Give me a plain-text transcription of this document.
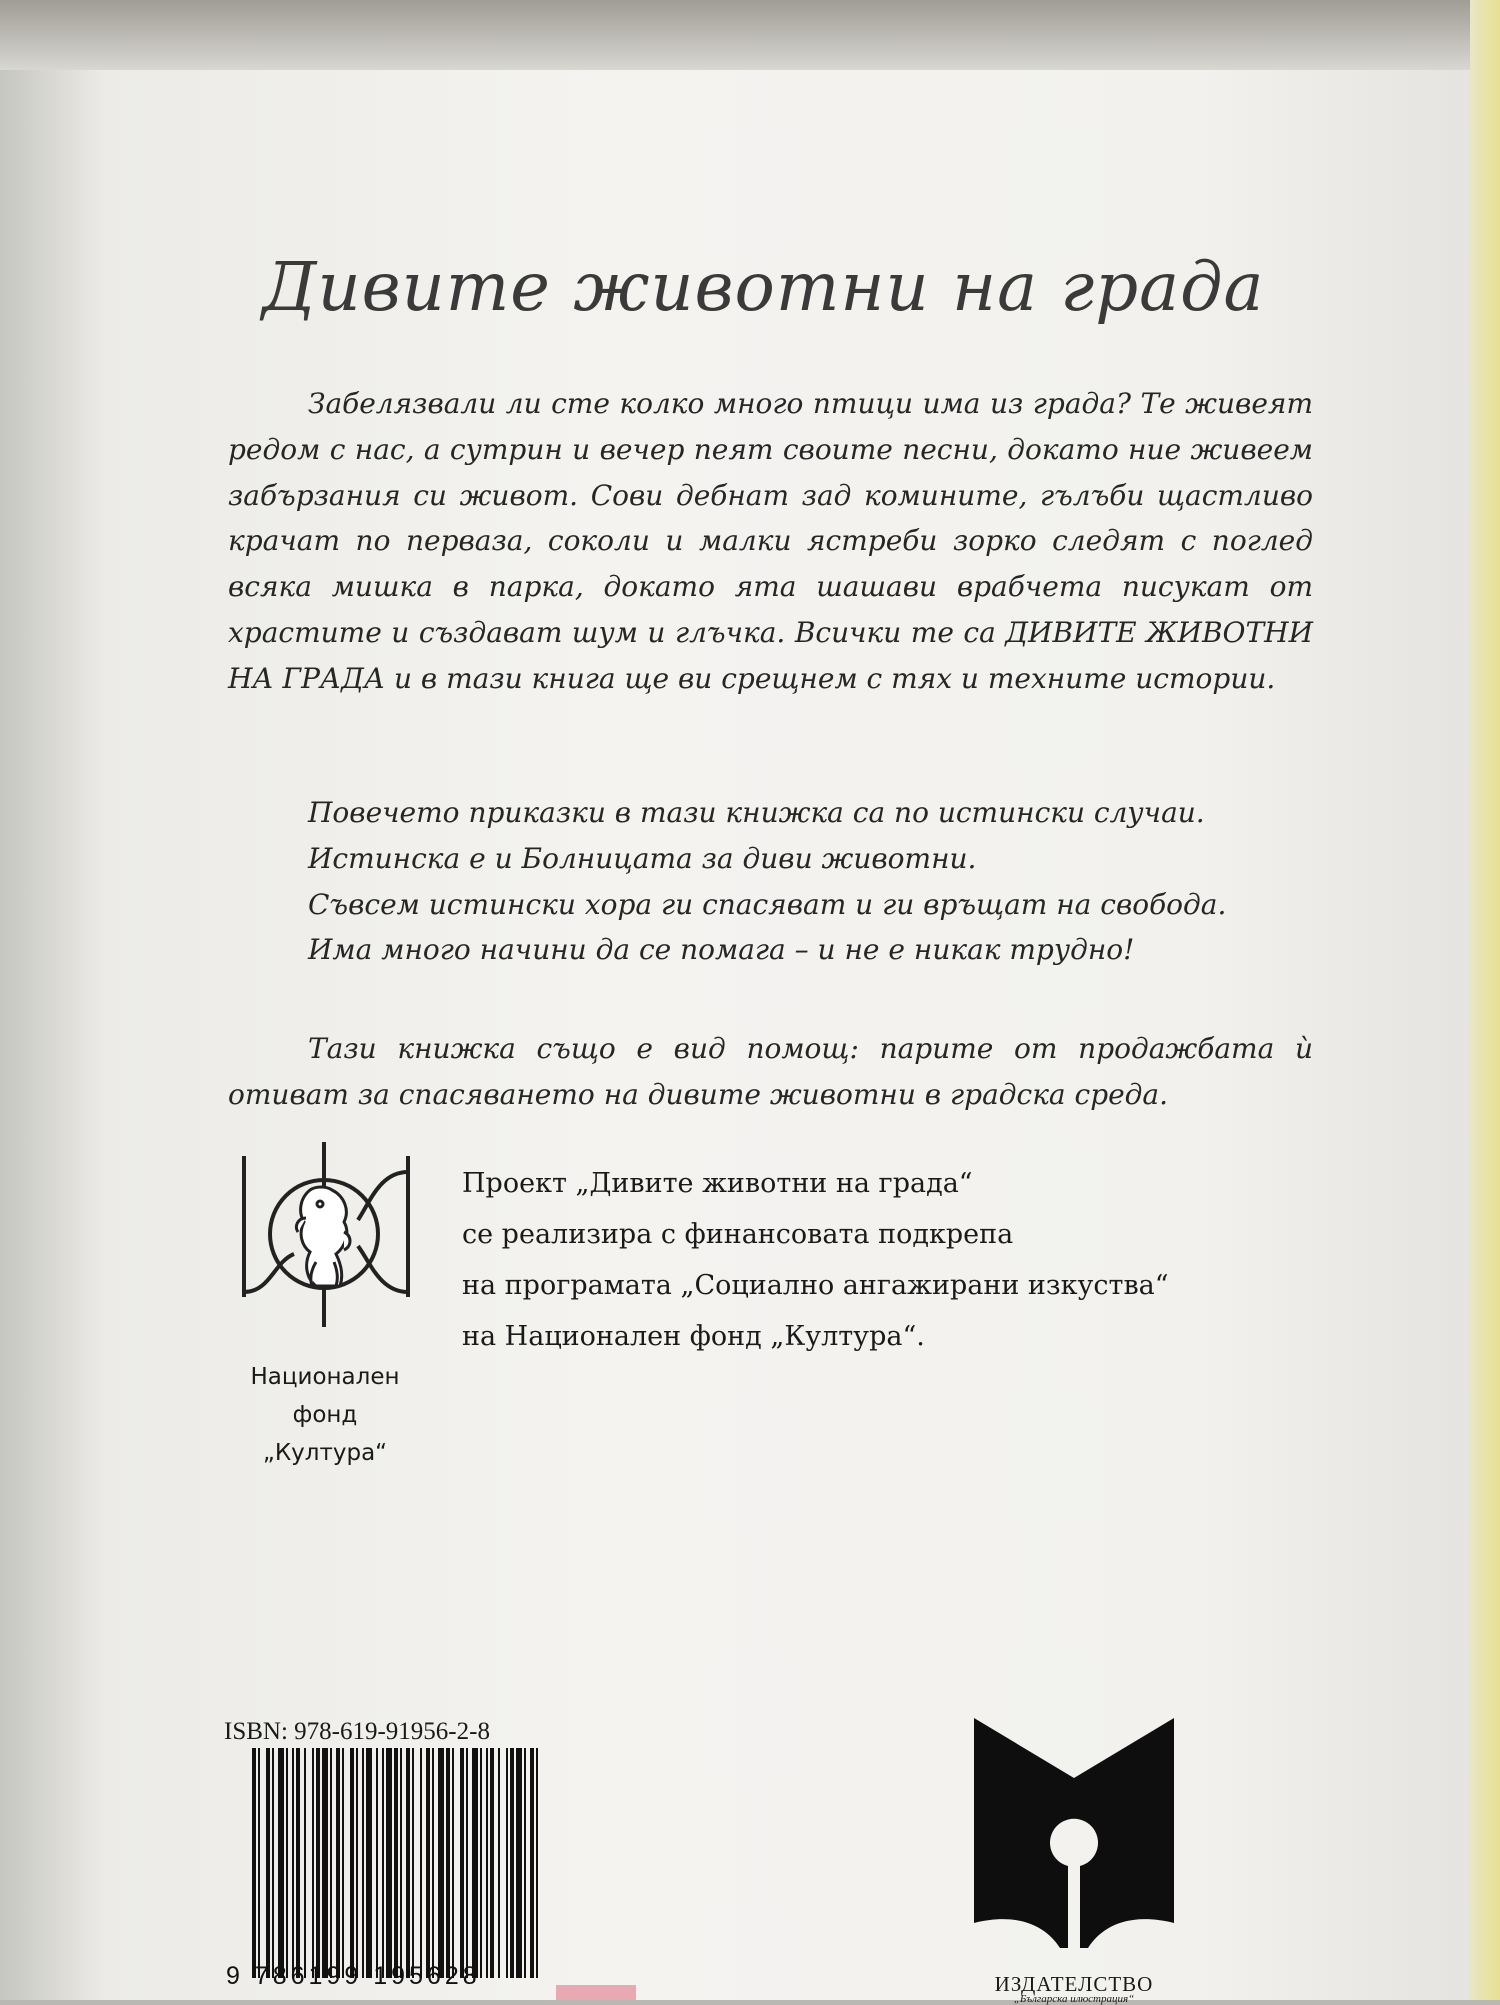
Дивите животни на града
Забелязвали ли сте колко много птици има из града? Те живеят редом с нас, а сутрин и вечер пеят своите песни, докато ние живеем забързания си живот. Сови дебнат зад комините, гълъби щастливо крачат по перваза, соколи и малки ястреби зорко следят с поглед всяка мишка в парка, докато ята шашави врабчета писукат от храстите и създават шум и глъчка. Всички те са ДИВИТЕ ЖИВОТНИ НА ГРАДА и в тази книга ще ви срещнем с тях и техните истории.
Повечето приказки в тази книжка са по истински случаи.
Истинска е и Болницата за диви животни.
Съвсем истински хора ги спасяват и ги връщат на свобода.
Има много начини да се помага – и не е никак трудно!
Тази книжка също е вид помощ: парите от продажбата ѝ отиват за спасяването на дивите животни в градска среда.
Национален
фонд
„Култура“
Проект „Дивите животни на града“
се реализира с финансовата подкрепа
на програмата „Социално ангажирани изкуства“
на Национален фонд „Култура“.
ISBN: 978-619-91956-2-8
9 786199 195628	ИЗДАТЕЛСТВО
„Българска илюстрация“
